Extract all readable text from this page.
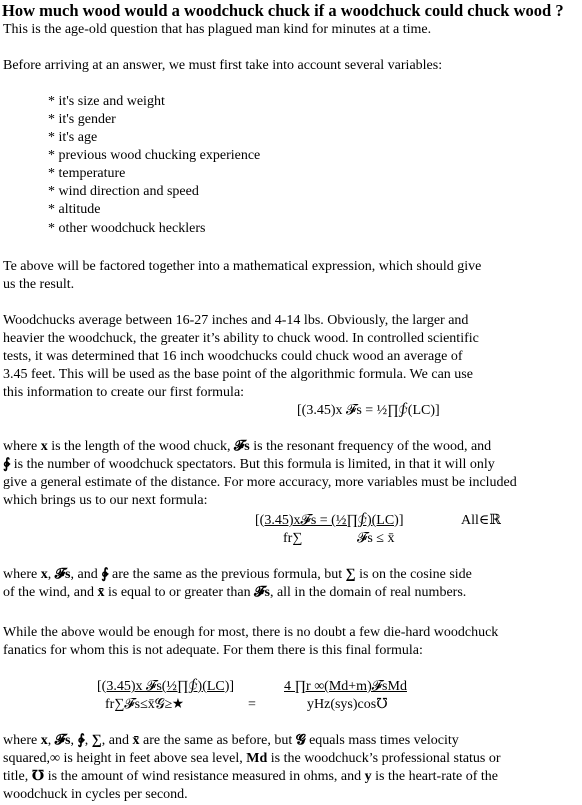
How much wood would a woodchuck chuck if a woodchuck could chuck wood ?
This is the age-old question that has plagued man kind for minutes at a time.
Before arriving at an answer, we must first take into account several variables:
* it's size and weight
* it's gender
* it's age
* previous wood chucking experience
* temperature
* wind direction and speed
* altitude
* other woodchuck hecklers
Te above will be factored together into a mathematical expression, which should give
us the result.
Woodchucks average between 16-27 inches and 4-14 lbs. Obviously, the larger and
heavier the woodchuck, the greater it’s ability to chuck wood. In controlled scientific
tests, it was determined that 16 inch woodchucks could chuck wood an average of
3.45 feet. This will be used as the base point of the algorithmic formula. We can use
this information to create our first formula:
[(3.45)x 𝓕s = ½∏∲(LC)]
where x is the length of the wood chuck, 𝓕s is the resonant frequency of the wood, and
∲ is the number of woodchuck spectators. But this formula is limited, in that it will only
give a general estimate of the distance. For more accuracy, more variables must be included
which brings us to our next formula:
[(3.45)x𝓕s = (½∏∲)(LC)]
fr∑	𝓕s ≤ x̄
All∈ℝ
where x, 𝓕s, and ∲ are the same as the previous formula, but ∑ is on the cosine side
of the wind, and x̄ is equal to or greater than 𝓕s, all in the domain of real numbers.
While the above would be enough for most, there is no doubt a few die-hard woodchuck
fanatics for whom this is not adequate. For them there is this final formula:
[(3.45)x 𝓕s(½∏∲)(LC)]
fr∑𝓕s≤x̄𝓖≥★	=
4 ∏r ∞(Md+m)𝓕sMd
yHz(sys)cos℧
where x, 𝓕s, ∲, ∑, and x̄ are the same as before, but 𝓖 equals mass times velocity
squared,∞ is height in feet above sea level, Md is the woodchuck’s professional status or
title, ℧ is the amount of wind resistance measured in ohms, and y is the heart-rate of the
woodchuck in cycles per second.
